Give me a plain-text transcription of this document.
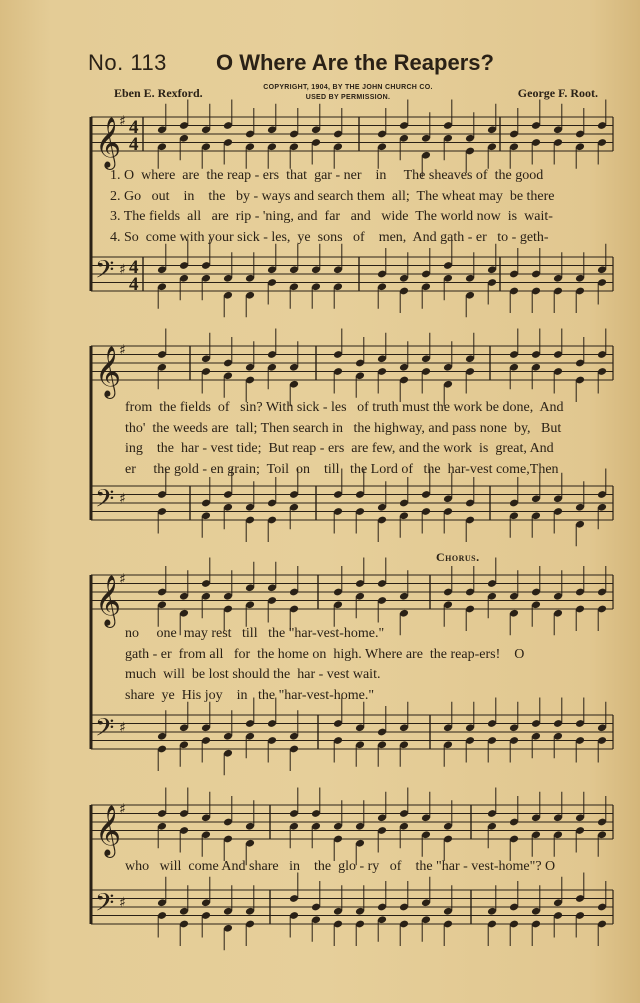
No. 113 O Where Are the Reapers?
Eben E. Rexford.	COPYRIGHT, 1904, BY THE JOHN CHURCH CO.
USED BY PERMISSION.	George F. Root.
𝄞
𝄢
♯
♯
4
4
4
4
𝄞
𝄢
♯
♯
𝄞
𝄢
♯
♯
𝄞
𝄢
♯
♯
Chorus.
1. O  where  are  the reap - ers  that  gar - ner    in     The sheaves of  the good
2. Go   out    in    the   by - ways and search them  all;  The wheat may  be there
3. The fields  all   are  rip - 'ning, and  far   and   wide  The world now  is  wait-
4. So  come with your sick - les,  ye  sons   of    men,  And gath - er   to - geth-
from  the fields  of   sin? With sick - les   of truth must the work be done,  And
tho'  the weeds are  tall; Then search in   the highway, and pass none  by,   But
ing    the  har - vest tide;  But reap - ers  are few, and the work  is  great, And
er     the gold - en grain;  Toil  on    till   the Lord of   the  har-vest come,Then
no     one  may rest   till   the "har-vest-home."
gath - er  from all   for  the home on  high. Where are  the reap-ers!    O
much  will  be lost should the  har - vest wait.
share  ye  His joy    in   the "har-vest-home."
who   will  come And share   in    the  glo - ry   of    the "har - vest-home"? O
